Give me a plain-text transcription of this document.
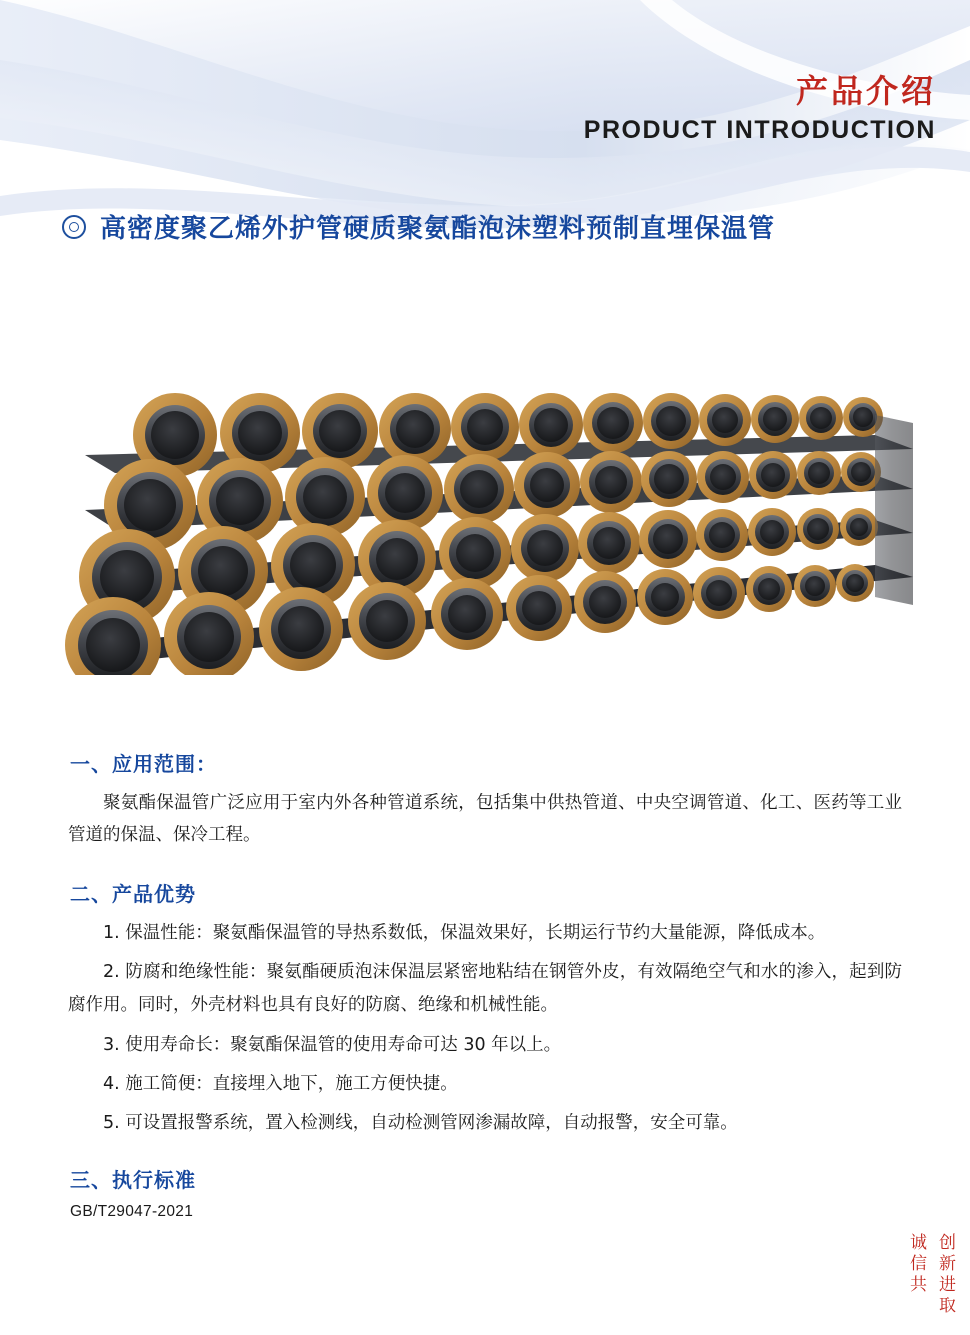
产品介绍
PRODUCT INTRODUCTION
高密度聚乙烯外护管硬质聚氨酯泡沫塑料预制直埋保温管
一、应用范围：

聚氨酯保温管广泛应用于室内外各种管道系统，包括集中供热管道、中央空调管道、化工、医药等工业管道的保温、保冷工程。

二、产品优势

1. 保温性能：聚氨酯保温管的导热系数低，保温效果好，长期运行节约大量能源，降低成本。

2. 防腐和绝缘性能：聚氨酯硬质泡沫保温层紧密地粘结在钢管外皮，有效隔绝空气和水的渗入，起到防腐作用。同时，外壳材料也具有良好的防腐、绝缘和机械性能。

3. 使用寿命长：聚氨酯保温管的使用寿命可达 30 年以上。

4. 施工简便：直接埋入地下，施工方便快捷。

5. 可设置报警系统，置入检测线，自动检测管网渗漏故障，自动报警，安全可靠。

三、执行标准
GB/T29047-2021
诚信共 创新进取
